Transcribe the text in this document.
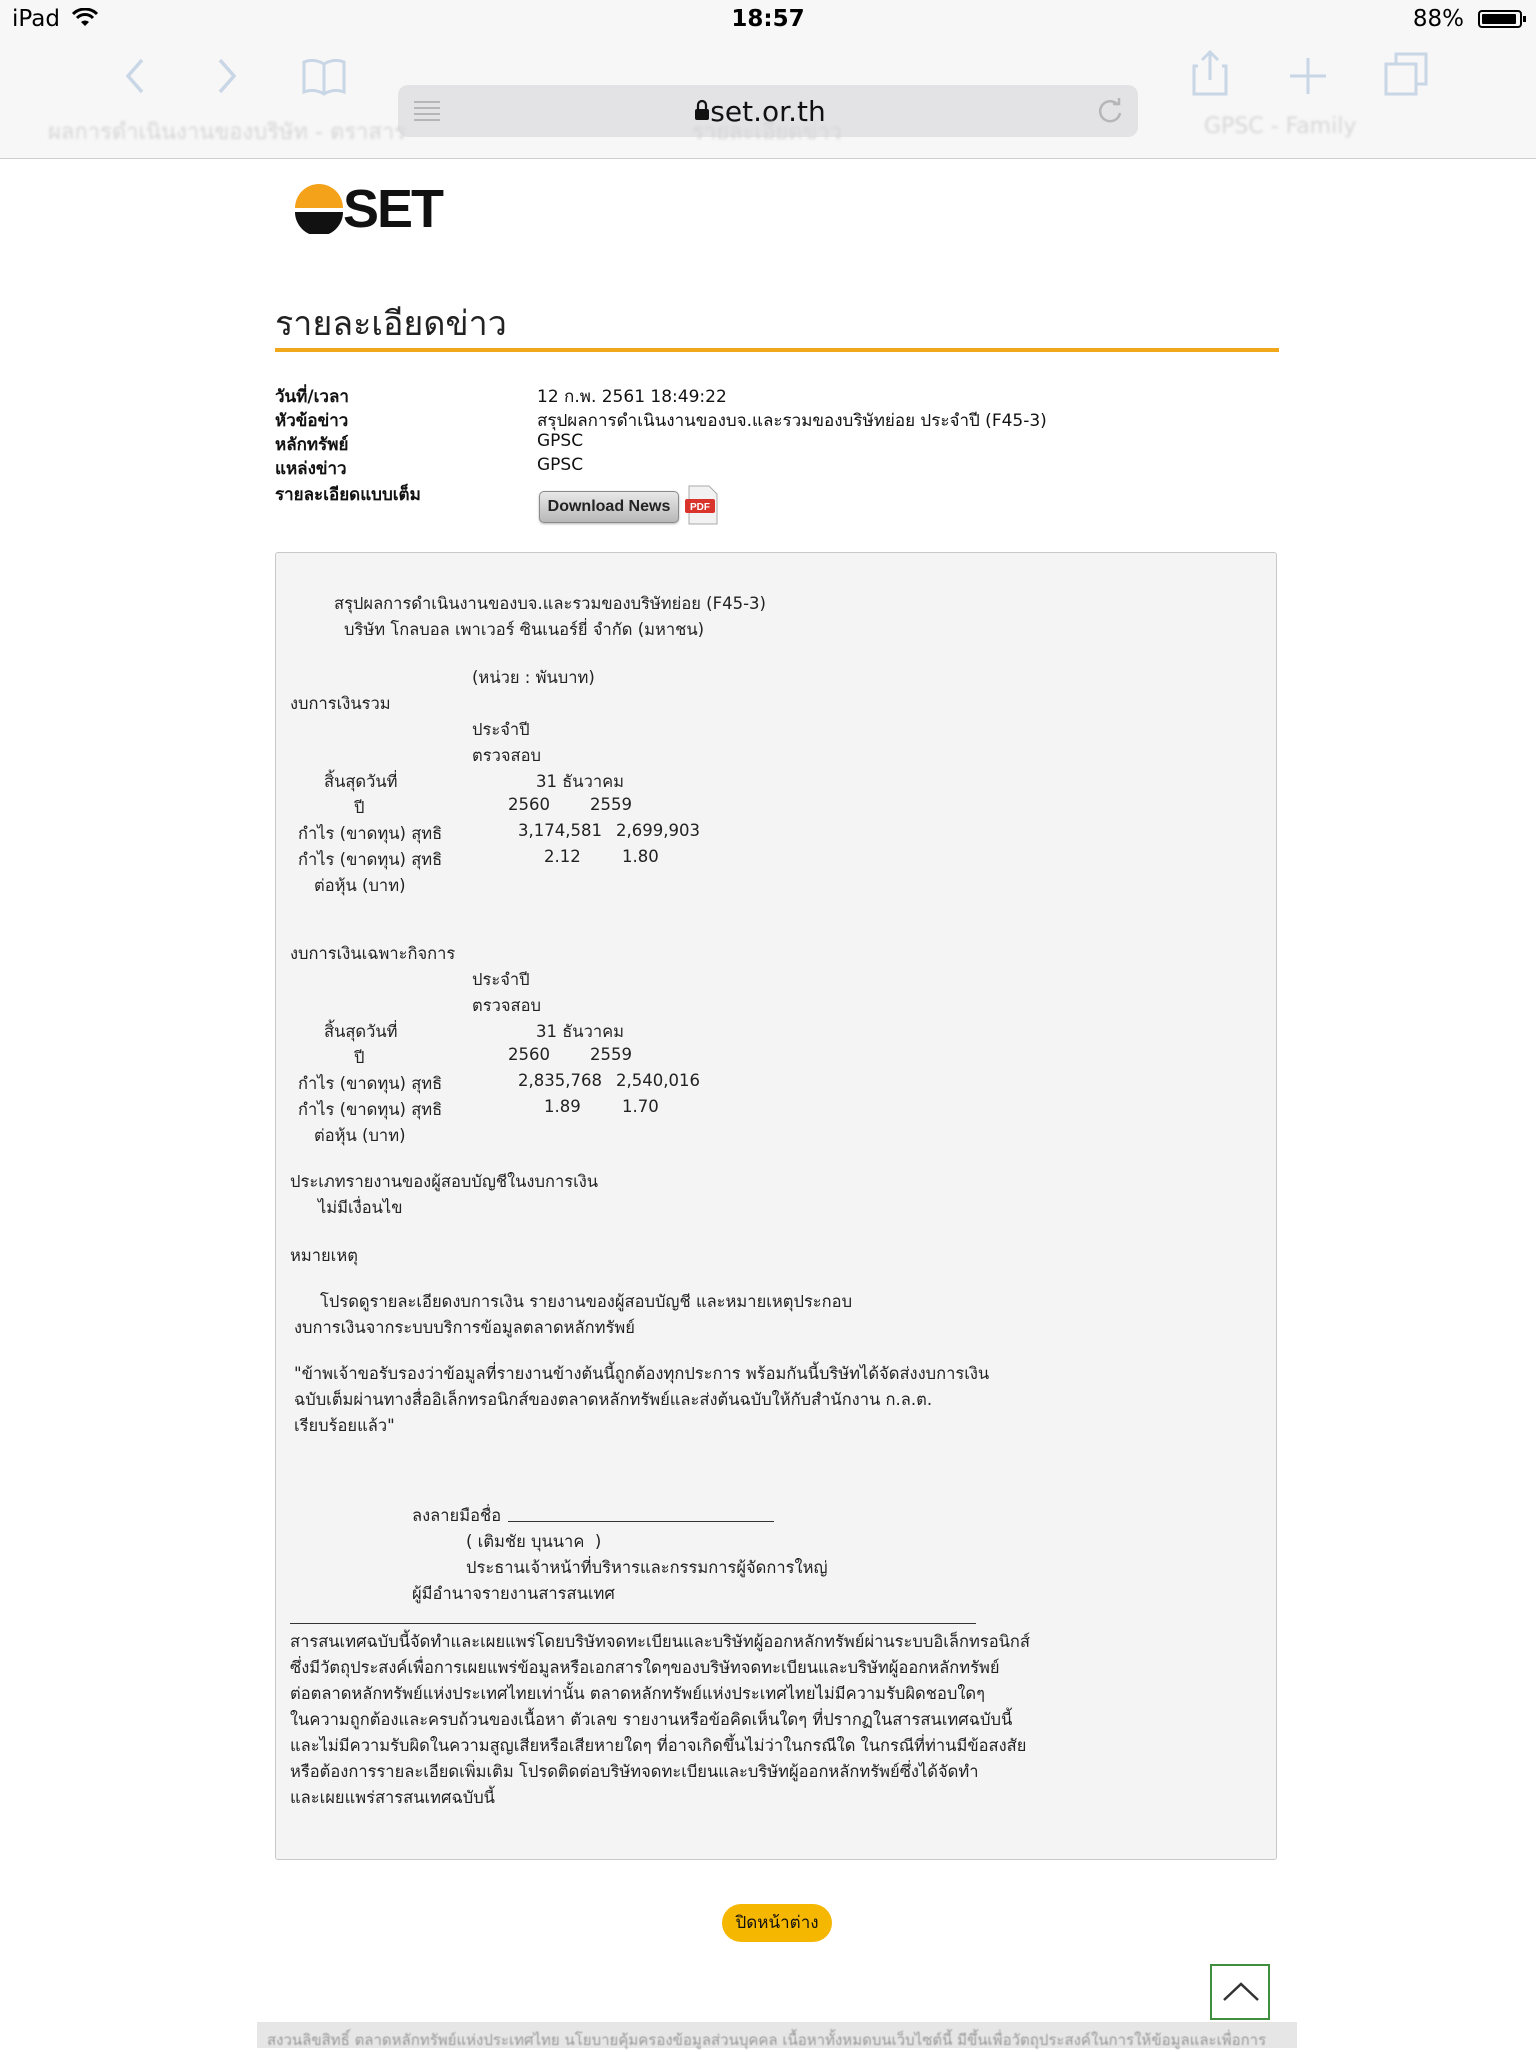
iPad	18:57	88%
set.or.th
ผลการดำเนินงานของบริษัท - ตราสาร	รายละเอียดข่าว	GPSC - Family
SET
รายละเอียดข่าว
วันที่/เวลา	12 ก.พ. 2561 18:49:22
หัวข้อข่าว	สรุปผลการดำเนินงานของบจ.และรวมของบริษัทย่อย ประจำปี (F45-3)
หลักทรัพย์	GPSC
แหล่งข่าว	GPSC
รายละเอียดแบบเต็ม
Download News	PDF
สรุปผลการดำเนินงานของบจ.และรวมของบริษัทย่อย (F45-3)
บริษัท โกลบอล เพาเวอร์ ซินเนอร์ยี่ จำกัด (มหาชน)
(หน่วย : พันบาท)
งบการเงินรวม
ประจำปี
ตรวจสอบ
สิ้นสุดวันที่	31 ธันวาคม
ปี	2560 2559
กำไร (ขาดทุน) สุทธิ	3,174,581 2,699,903
กำไร (ขาดทุน) สุทธิ	2.12	1.80
ต่อหุ้น (บาท)
งบการเงินเฉพาะกิจการ
ประจำปี
ตรวจสอบ
สิ้นสุดวันที่	31 ธันวาคม
ปี	2560 2559
กำไร (ขาดทุน) สุทธิ	2,835,768 2,540,016
กำไร (ขาดทุน) สุทธิ	1.89	1.70
ต่อหุ้น (บาท)
ประเภทรายงานของผู้สอบบัญชีในงบการเงิน
ไม่มีเงื่อนไข
หมายเหตุ
โปรดดูรายละเอียดงบการเงิน รายงานของผู้สอบบัญชี และหมายเหตุประกอบ
งบการเงินจากระบบบริการข้อมูลตลาดหลักทรัพย์
"ข้าพเจ้าขอรับรองว่าข้อมูลที่รายงานข้างต้นนี้ถูกต้องทุกประการ พร้อมกันนี้บริษัทได้จัดส่งงบการเงิน
ฉบับเต็มผ่านทางสื่ออิเล็กทรอนิกส์ของตลาดหลักทรัพย์และส่งต้นฉบับให้กับสำนักงาน ก.ล.ต.
เรียบร้อยแล้ว"
ลงลายมือชื่อ
( เติมชัย บุนนาค  )
ประธานเจ้าหน้าที่บริหารและกรรมการผู้จัดการใหญ่
ผู้มีอำนาจรายงานสารสนเทศ
สารสนเทศฉบับนี้จัดทำและเผยแพร่โดยบริษัทจดทะเบียนและบริษัทผู้ออกหลักทรัพย์ผ่านระบบอิเล็กทรอนิกส์
ซึ่งมีวัตถุประสงค์เพื่อการเผยแพร่ข้อมูลหรือเอกสารใดๆของบริษัทจดทะเบียนและบริษัทผู้ออกหลักทรัพย์
ต่อตลาดหลักทรัพย์แห่งประเทศไทยเท่านั้น ตลาดหลักทรัพย์แห่งประเทศไทยไม่มีความรับผิดชอบใดๆ
ในความถูกต้องและครบถ้วนของเนื้อหา ตัวเลข รายงานหรือข้อคิดเห็นใดๆ ที่ปรากฏในสารสนเทศฉบับนี้
และไม่มีความรับผิดในความสูญเสียหรือเสียหายใดๆ ที่อาจเกิดขึ้นไม่ว่าในกรณีใด ในกรณีที่ท่านมีข้อสงสัย
หรือต้องการรายละเอียดเพิ่มเติม โปรดติดต่อบริษัทจดทะเบียนและบริษัทผู้ออกหลักทรัพย์ซึ่งได้จัดทำ
และเผยแพร่สารสนเทศฉบับนี้
ปิดหน้าต่าง
สงวนลิขสิทธิ์ ตลาดหลักทรัพย์แห่งประเทศไทย นโยบายคุ้มครองข้อมูลส่วนบุคคล เนื้อหาทั้งหมดบนเว็บไซต์นี้ มีขึ้นเพื่อวัตถุประสงค์ในการให้ข้อมูลและเพื่อการ
